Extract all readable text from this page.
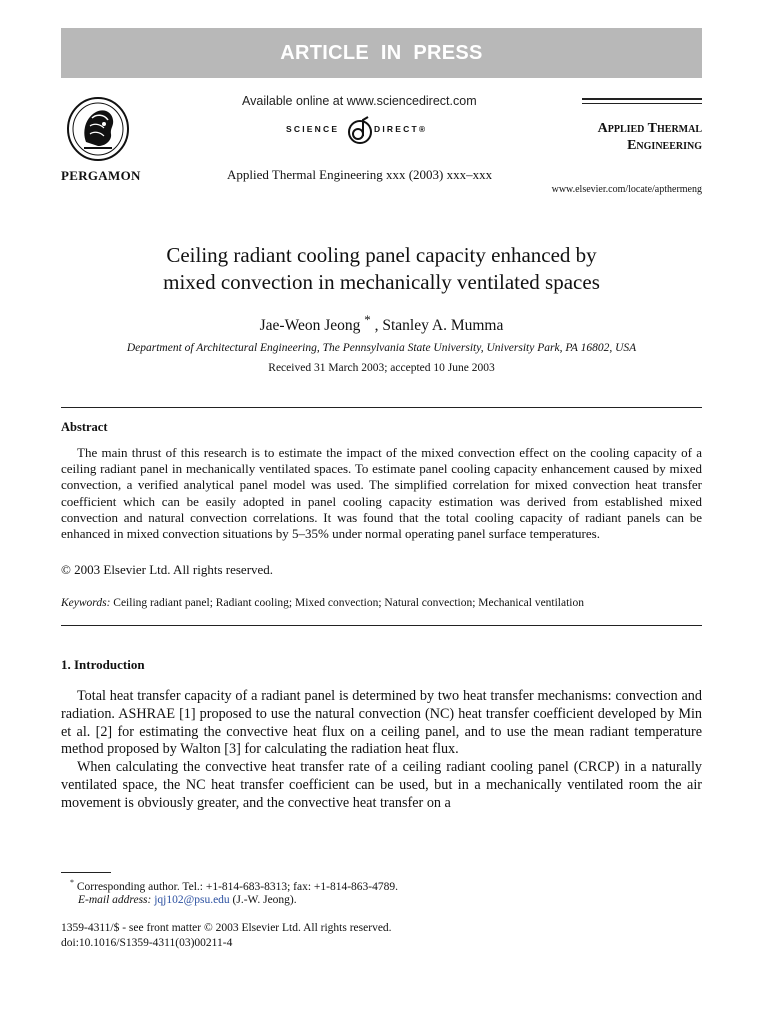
ARTICLE IN PRESS
PERGAMON
Available online at www.sciencedirect.com
SCIENCE	DIRECT®
Applied Thermal Engineering xxx (2003) xxx–xxx
Applied Thermal
Engineering
www.elsevier.com/locate/apthermeng
Ceiling radiant cooling panel capacity enhanced by
mixed convection in mechanically ventilated spaces
Jae-Weon Jeong * , Stanley A. Mumma
Department of Architectural Engineering, The Pennsylvania State University, University Park, PA 16802, USA
Received 31 March 2003; accepted 10 June 2003
Abstract

The main thrust of this research is to estimate the impact of the mixed convection effect on the cooling capacity of a ceiling radiant panel in mechanically ventilated spaces. To estimate panel cooling capacity enhancement caused by mixed convection, a verified analytical panel model was used. The simplified correlation for mixed convection heat transfer coefficient which can be easily adopted in panel cooling capacity estimation was derived from established mixed convection and natural convection correlations. It was found that the total cooling capacity of radiant panels can be enhanced in mixed convection situations by 5–35% under normal operating panel surface temperatures.

© 2003 Elsevier Ltd. All rights reserved.
Keywords: Ceiling radiant panel; Radiant cooling; Mixed convection; Natural convection; Mechanical ventilation
1. Introduction

Total heat transfer capacity of a radiant panel is determined by two heat transfer mechanisms: convection and radiation. ASHRAE [1] proposed to use the natural convection (NC) heat transfer coefficient developed by Min et al. [2] for estimating the convective heat flux on a ceiling panel, and to use the mean radiant temperature method proposed by Walton [3] for calculating the radiation heat flux.

When calculating the convective heat transfer rate of a ceiling radiant cooling panel (CRCP) in a naturally ventilated space, the NC heat transfer coefficient can be used, but in a mechanically ventilated room the air movement is obviously greater, and the convective heat transfer on a

* Corresponding author. Tel.: +1-814-683-8313; fax: +1-814-863-4789.
E-mail address: jqj102@psu.edu (J.-W. Jeong).
1359-4311/$ - see front matter © 2003 Elsevier Ltd. All rights reserved.
doi:10.1016/S1359-4311(03)00211-4
